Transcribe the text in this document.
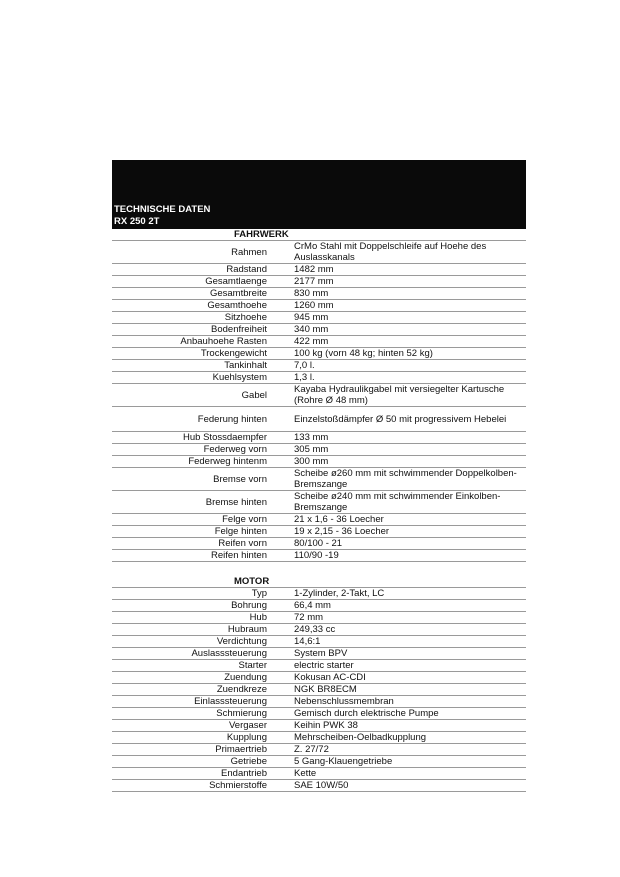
TECHNISCHE DATEN
RX 250 2T
FAHRWERK
Rahmen	CrMo Stahl mit Doppelschleife auf Hoehe des Auslasskanals
Radstand	1482 mm
Gesamtlaenge	2177 mm
Gesamtbreite	830 mm
Gesamthoehe	1260 mm
Sitzhoehe	945 mm
Bodenfreiheit	340 mm
Anbauhoehe Rasten	422 mm
Trockengewicht	100 kg (vorn 48 kg; hinten 52 kg)
Tankinhalt	7,0 l.
Kuehlsystem	1,3 l.
Gabel	Kayaba Hydraulikgabel mit versiegelter Kartusche (Rohre Ø 48 mm)
Federung hinten	Einzelstoßdämpfer Ø 50 mit progressivem Hebelei
Hub Stossdaempfer	133 mm
Federweg vorn	305 mm
Federweg hintenm	300 mm
Bremse vorn	Scheibe ø260 mm mit schwimmender Doppelkolben-Bremszange
Bremse hinten	Scheibe ø240 mm mit schwimmender Einkolben-Bremszange
Felge vorn	21 x 1,6 - 36 Loecher
Felge hinten	19 x 2,15 - 36 Loecher
Reifen vorn	80/100 - 21
Reifen hinten	110/90 -19
MOTOR
Typ	1-Zylinder, 2-Takt, LC
Bohrung	66,4 mm
Hub	72 mm
Hubraum	249,33 cc
Verdichtung	14,6:1
Auslasssteuerung	System BPV
Starter	electric starter
Zuendung	Kokusan AC-CDI
Zuendkreze	NGK BR8ECM
Einlasssteuerung	Nebenschlussmembran
Schmierung	Gemisch durch elektrische Pumpe
Vergaser	Keihin PWK 38
Kupplung	Mehrscheiben-Oelbadkupplung
Primaertrieb	Z. 27/72
Getriebe	5 Gang-Klauengetriebe
Endantrieb	Kette
Schmierstoffe	SAE 10W/50
